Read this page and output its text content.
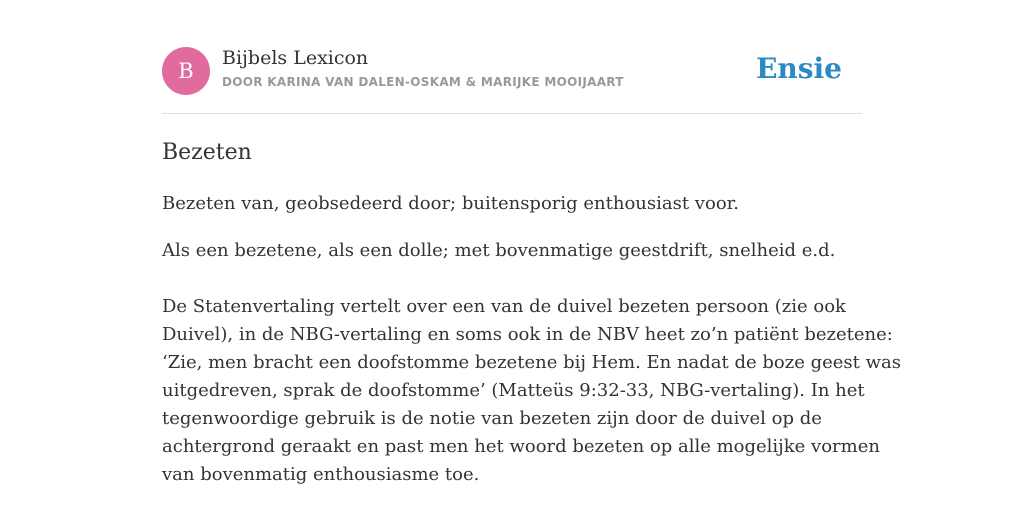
B
Bijbels Lexicon
DOOR KARINA VAN DALEN-OSKAM & MARIJKE MOOIJAART	Ensie
Bezeten

Bezeten van, geobsedeerd door; buitensporig enthousiast voor.

Als een bezetene, als een dolle; met bovenmatige geestdrift, snelheid e.d.

De Statenvertaling vertelt over een van de duivel bezeten persoon (zie ook
Duivel), in de NBG-vertaling en soms ook in de NBV heet zo’n patiënt bezetene:
‘Zie, men bracht een doofstomme bezetene bij Hem. En nadat de boze geest was
uitgedreven, sprak de doofstomme’ (Matteüs 9:32-33, NBG-vertaling). In het
tegenwoordige gebruik is de notie van bezeten zijn door de duivel op de
achtergrond geraakt en past men het woord bezeten op alle mogelijke vormen
van bovenmatig enthousiasme toe.
